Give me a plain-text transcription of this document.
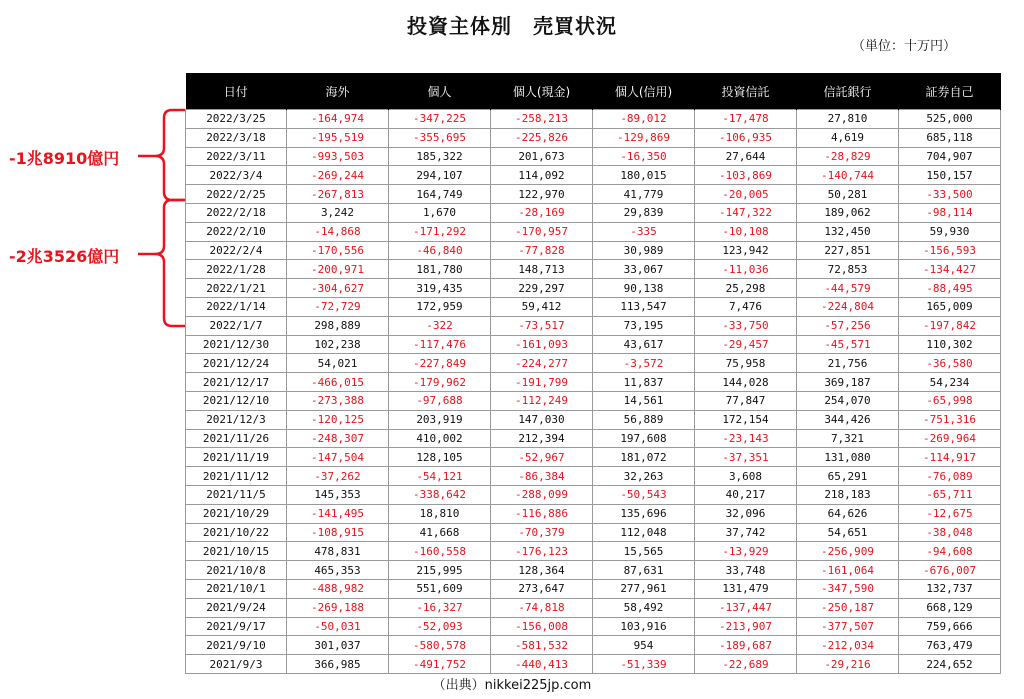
投資主体別　売買状況
（単位：十万円）
日付	海外	個人	個人(現金)	個人(信用)	投資信託	信託銀行	証券自己
2022/3/25	-164,974	-347,225	-258,213	-89,012	-17,478	27,810	525,000
2022/3/18	-195,519	-355,695	-225,826	-129,869	-106,935	4,619	685,118
2022/3/11	-993,503	185,322	201,673	-16,350	27,644	-28,829	704,907
2022/3/4	-269,244	294,107	114,092	180,015	-103,869	-140,744	150,157
2022/2/25	-267,813	164,749	122,970	41,779	-20,005	50,281	-33,500
2022/2/18	3,242	1,670	-28,169	29,839	-147,322	189,062	-98,114
2022/2/10	-14,868	-171,292	-170,957	-335	-10,108	132,450	59,930
2022/2/4	-170,556	-46,840	-77,828	30,989	123,942	227,851	-156,593
2022/1/28	-200,971	181,780	148,713	33,067	-11,036	72,853	-134,427
2022/1/21	-304,627	319,435	229,297	90,138	25,298	-44,579	-88,495
2022/1/14	-72,729	172,959	59,412	113,547	7,476	-224,804	165,009
2022/1/7	298,889	-322	-73,517	73,195	-33,750	-57,256	-197,842
2021/12/30	102,238	-117,476	-161,093	43,617	-29,457	-45,571	110,302
2021/12/24	54,021	-227,849	-224,277	-3,572	75,958	21,756	-36,580
2021/12/17	-466,015	-179,962	-191,799	11,837	144,028	369,187	54,234
2021/12/10	-273,388	-97,688	-112,249	14,561	77,847	254,070	-65,998
2021/12/3	-120,125	203,919	147,030	56,889	172,154	344,426	-751,316
2021/11/26	-248,307	410,002	212,394	197,608	-23,143	7,321	-269,964
2021/11/19	-147,504	128,105	-52,967	181,072	-37,351	131,080	-114,917
2021/11/12	-37,262	-54,121	-86,384	32,263	3,608	65,291	-76,089
2021/11/5	145,353	-338,642	-288,099	-50,543	40,217	218,183	-65,711
2021/10/29	-141,495	18,810	-116,886	135,696	32,096	64,626	-12,675
2021/10/22	-108,915	41,668	-70,379	112,048	37,742	54,651	-38,048
2021/10/15	478,831	-160,558	-176,123	15,565	-13,929	-256,909	-94,608
2021/10/8	465,353	215,995	128,364	87,631	33,748	-161,064	-676,007
2021/10/1	-488,982	551,609	273,647	277,961	131,479	-347,590	132,737
2021/9/24	-269,188	-16,327	-74,818	58,492	-137,447	-250,187	668,129
2021/9/17	-50,031	-52,093	-156,008	103,916	-213,907	-377,507	759,666
2021/9/10	301,037	-580,578	-581,532	954	-189,687	-212,034	763,479
2021/9/3	366,985	-491,752	-440,413	-51,339	-22,689	-29,216	224,652
-1兆8910億円
-2兆3526億円
（出典）nikkei225jp.com
